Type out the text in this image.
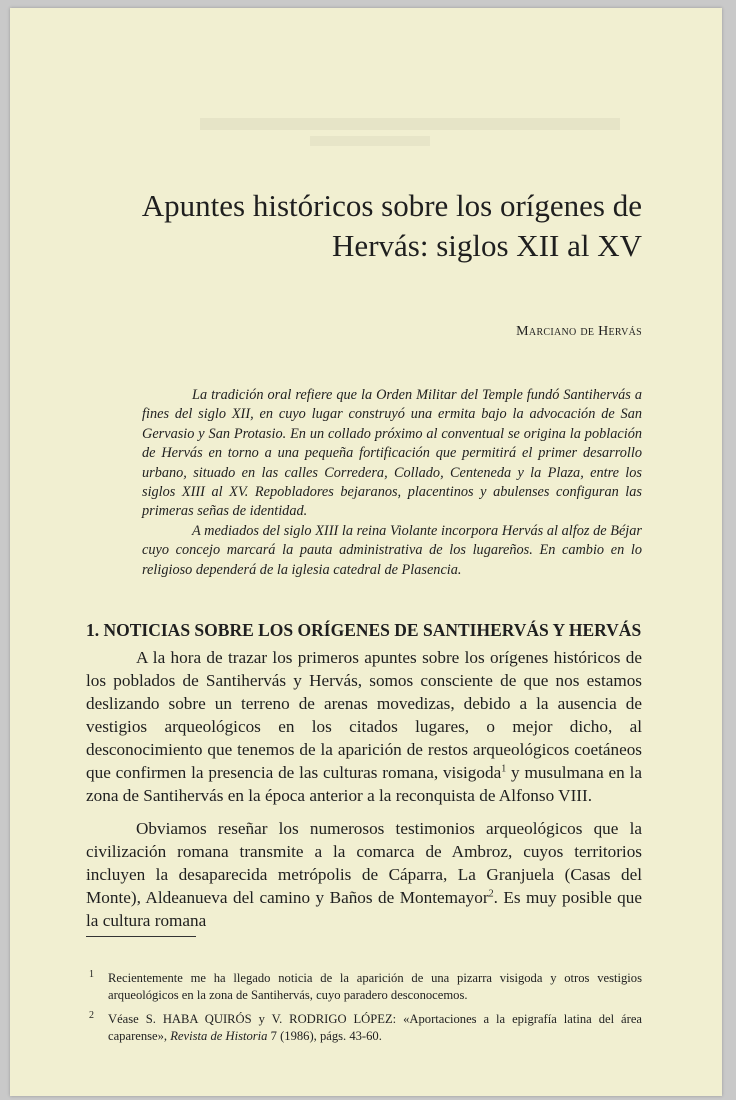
Apuntes históricos sobre los orígenes de
Hervás: siglos XII al XV
Marciano de Hervás

La tradición oral refiere que la Orden Militar del Temple fundó Santihervás a fines del siglo XII, en cuyo lugar construyó una ermita bajo la advocación de San Gervasio y San Protasio. En un collado próximo al conventual se origina la población de Hervás en torno a una pequeña fortificación que permitirá el primer desarrollo urbano, situado en las calles Corredera, Collado, Centeneda y la Plaza, entre los siglos XIII al XV. Repobladores bejaranos, placentinos y abulenses configuran las primeras señas de identidad.

A mediados del siglo XIII la reina Violante incorpora Hervás al alfoz de Béjar cuyo concejo marcará la pauta administrativa de los lugareños. En cambio en lo religioso dependerá de la iglesia catedral de Plasencia.

1. NOTICIAS SOBRE LOS ORÍGENES DE SANTIHERVÁS Y HERVÁS

A la hora de trazar los primeros apuntes sobre los orígenes históricos de los poblados de Santihervás y Hervás, somos consciente de que nos estamos deslizando sobre un terreno de arenas movedizas, debido a la ausencia de vestigios arqueológicos en los citados lugares, o mejor dicho, al desconocimiento que tenemos de la aparición de restos arqueológicos coetáneos que confirmen la presencia de las culturas romana, visigoda$^1$ y musulmana en la zona de Santihervás en la época anterior a la reconquista de Alfonso VIII.

Obviamos reseñar los numerosos testimonios arqueológicos que la civilización romana transmite a la comarca de Ambroz, cuyos territorios incluyen la desaparecida metrópolis de Cáparra, La Granjuela (Casas del Monte), Aldeanueva del camino y Baños de Montemayor$^2$. Es muy posible que la cultura romana

1 Recientemente me ha llegado noticia de la aparición de una pizarra visigoda y otros vestigios arqueológicos en la zona de Santihervás, cuyo paradero desconocemos.
2 Véase S. HABA QUIRÓS y V. RODRIGO LÓPEZ: «Aportaciones a la epigrafía latina del área caparense», Revista de Historia 7 (1986), págs. 43-60.
